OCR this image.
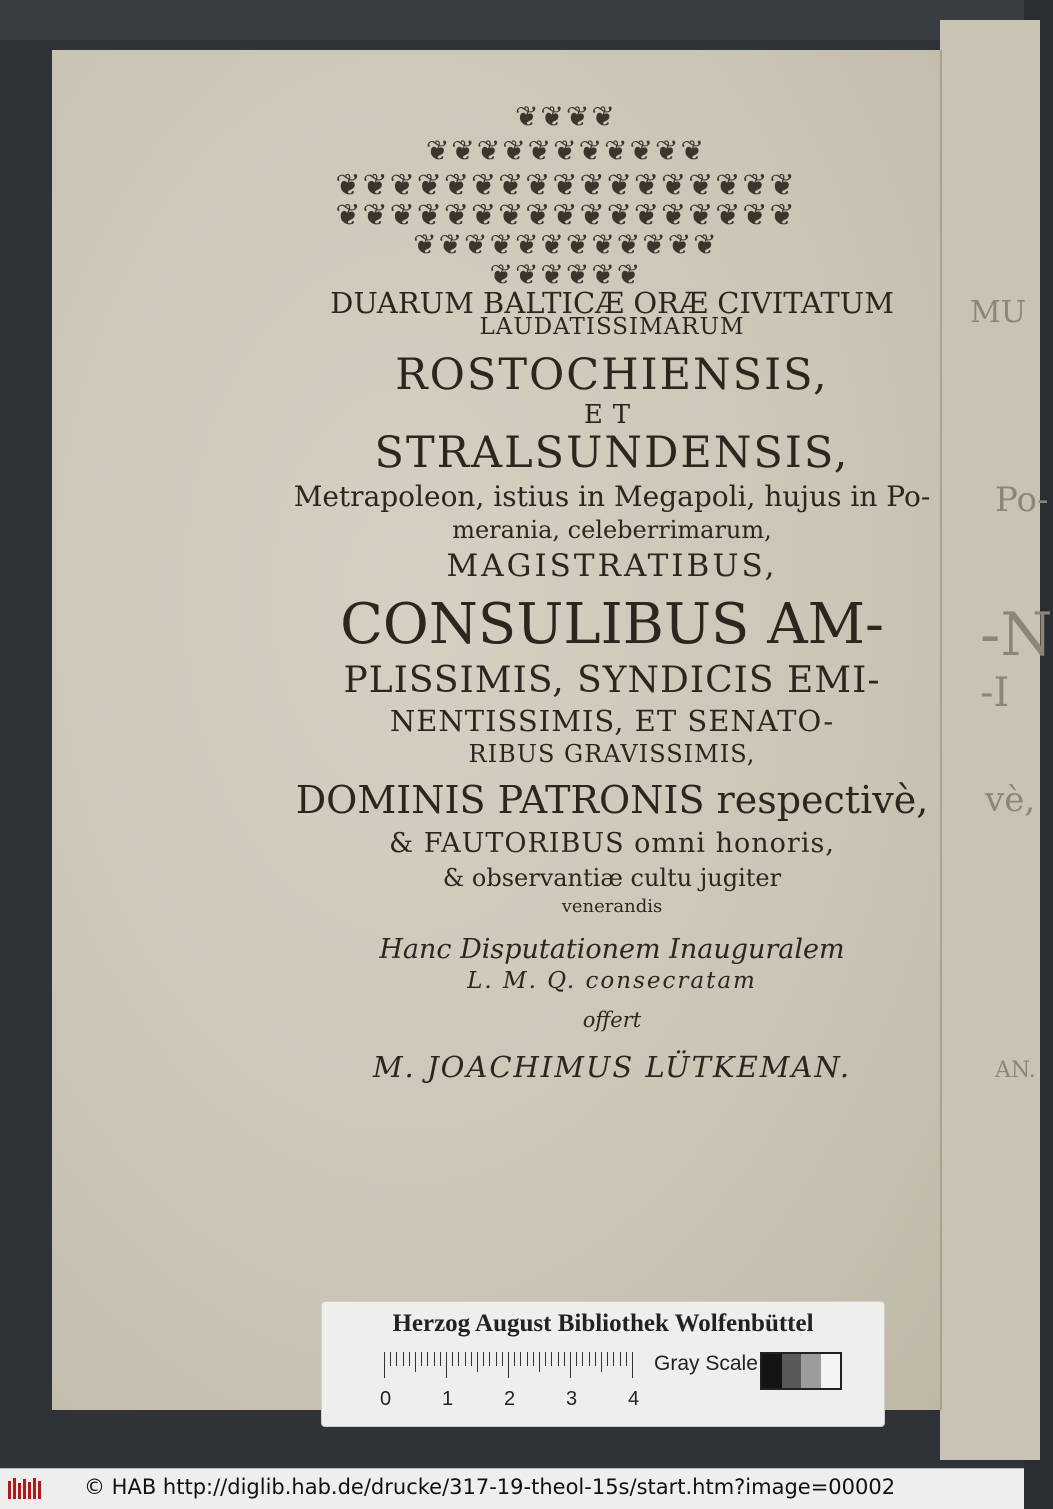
MU
Po-
-N
-I
vè,
AN.
❦❦❦❦
❦❦❦❦❦❦❦❦❦❦❦
❦❦❦❦❦❦❦❦❦❦❦❦❦❦❦❦❦
❦❦❦❦❦❦❦❦❦❦❦❦❦❦❦❦❦
❦❦❦❦❦❦❦❦❦❦❦❦
❦❦❦❦❦❦
DUARUM BALTICÆ ORÆ CIVITATUM
LAUDATISSIMARUM
ROSTOCHIENSIS,
ET
STRALSUNDENSIS,
Metrapoleon, istius in Megapoli, hujus in Po-
merania, celeberrimarum,
MAGISTRATIBUS,
CONSULIBUS AM-
PLISSIMIS, SYNDICIS EMI-
NENTISSIMIS, ET SENATO-
RIBUS GRAVISSIMIS,
DOMINIS PATRONIS respectivè,
& FAUTORIBUS omni honoris,
& observantiæ cultu jugiter
venerandis
Hanc Disputationem Inauguralem
L. M. Q. consecratam
offert
M. JOACHIMUS LÜTKEMAN.
Herzog August Bibliothek Wolfenbüttel
0	1	2	3	4
Gray Scale
© HAB http://diglib.hab.de/drucke/317-19-theol-15s/start.htm?image=00002
